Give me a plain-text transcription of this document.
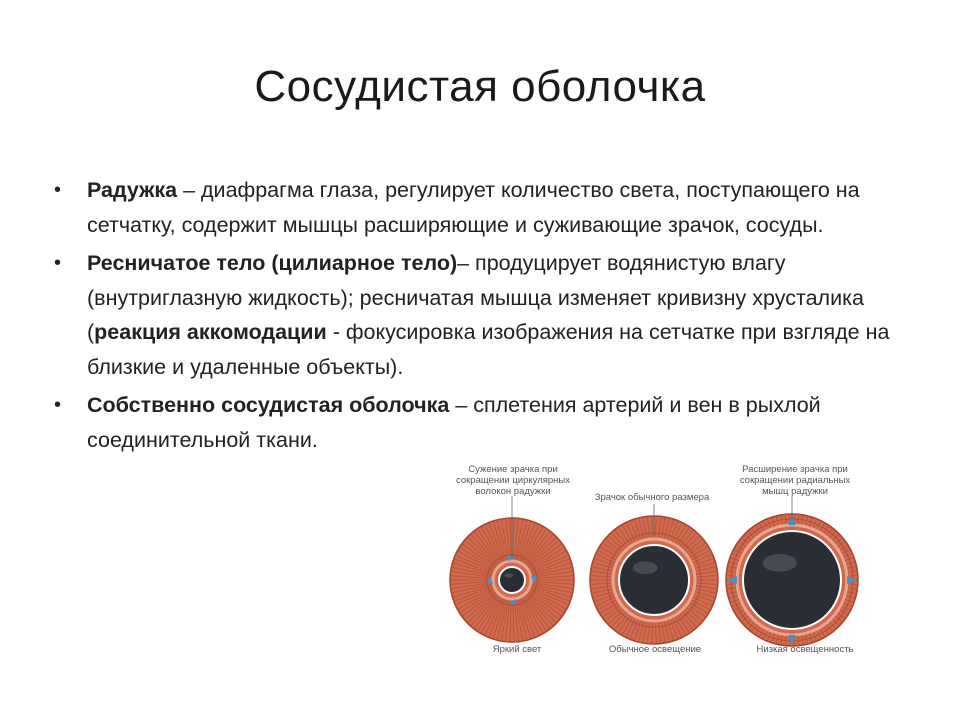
Сосудистая оболочка
• Радужка – диафрагма глаза, регулирует количество света, поступающего на сетчатку, содержит мышцы расширяющие и суживающие зрачок, сосуды.
• Ресничатое тело (цилиарное тело)– продуцирует водянистую влагу (внутриглазную жидкость); ресничатая мышца изменяет кривизну хрусталика (реакция аккомодации - фокусировка изображения на сетчатке при взгляде на близкие и удаленные объекты).
• Собственно сосудистая оболочка – сплетения артерий и вен в рыхлой соединительной ткани.
Сужение зрачка при сокращении циркулярных волокон радужки
Зрачок обычного размера
Расширение зрачка при сокращении радиальных мышц радужки
Яркий свет	Обычное освещение	Низкая освещенность
